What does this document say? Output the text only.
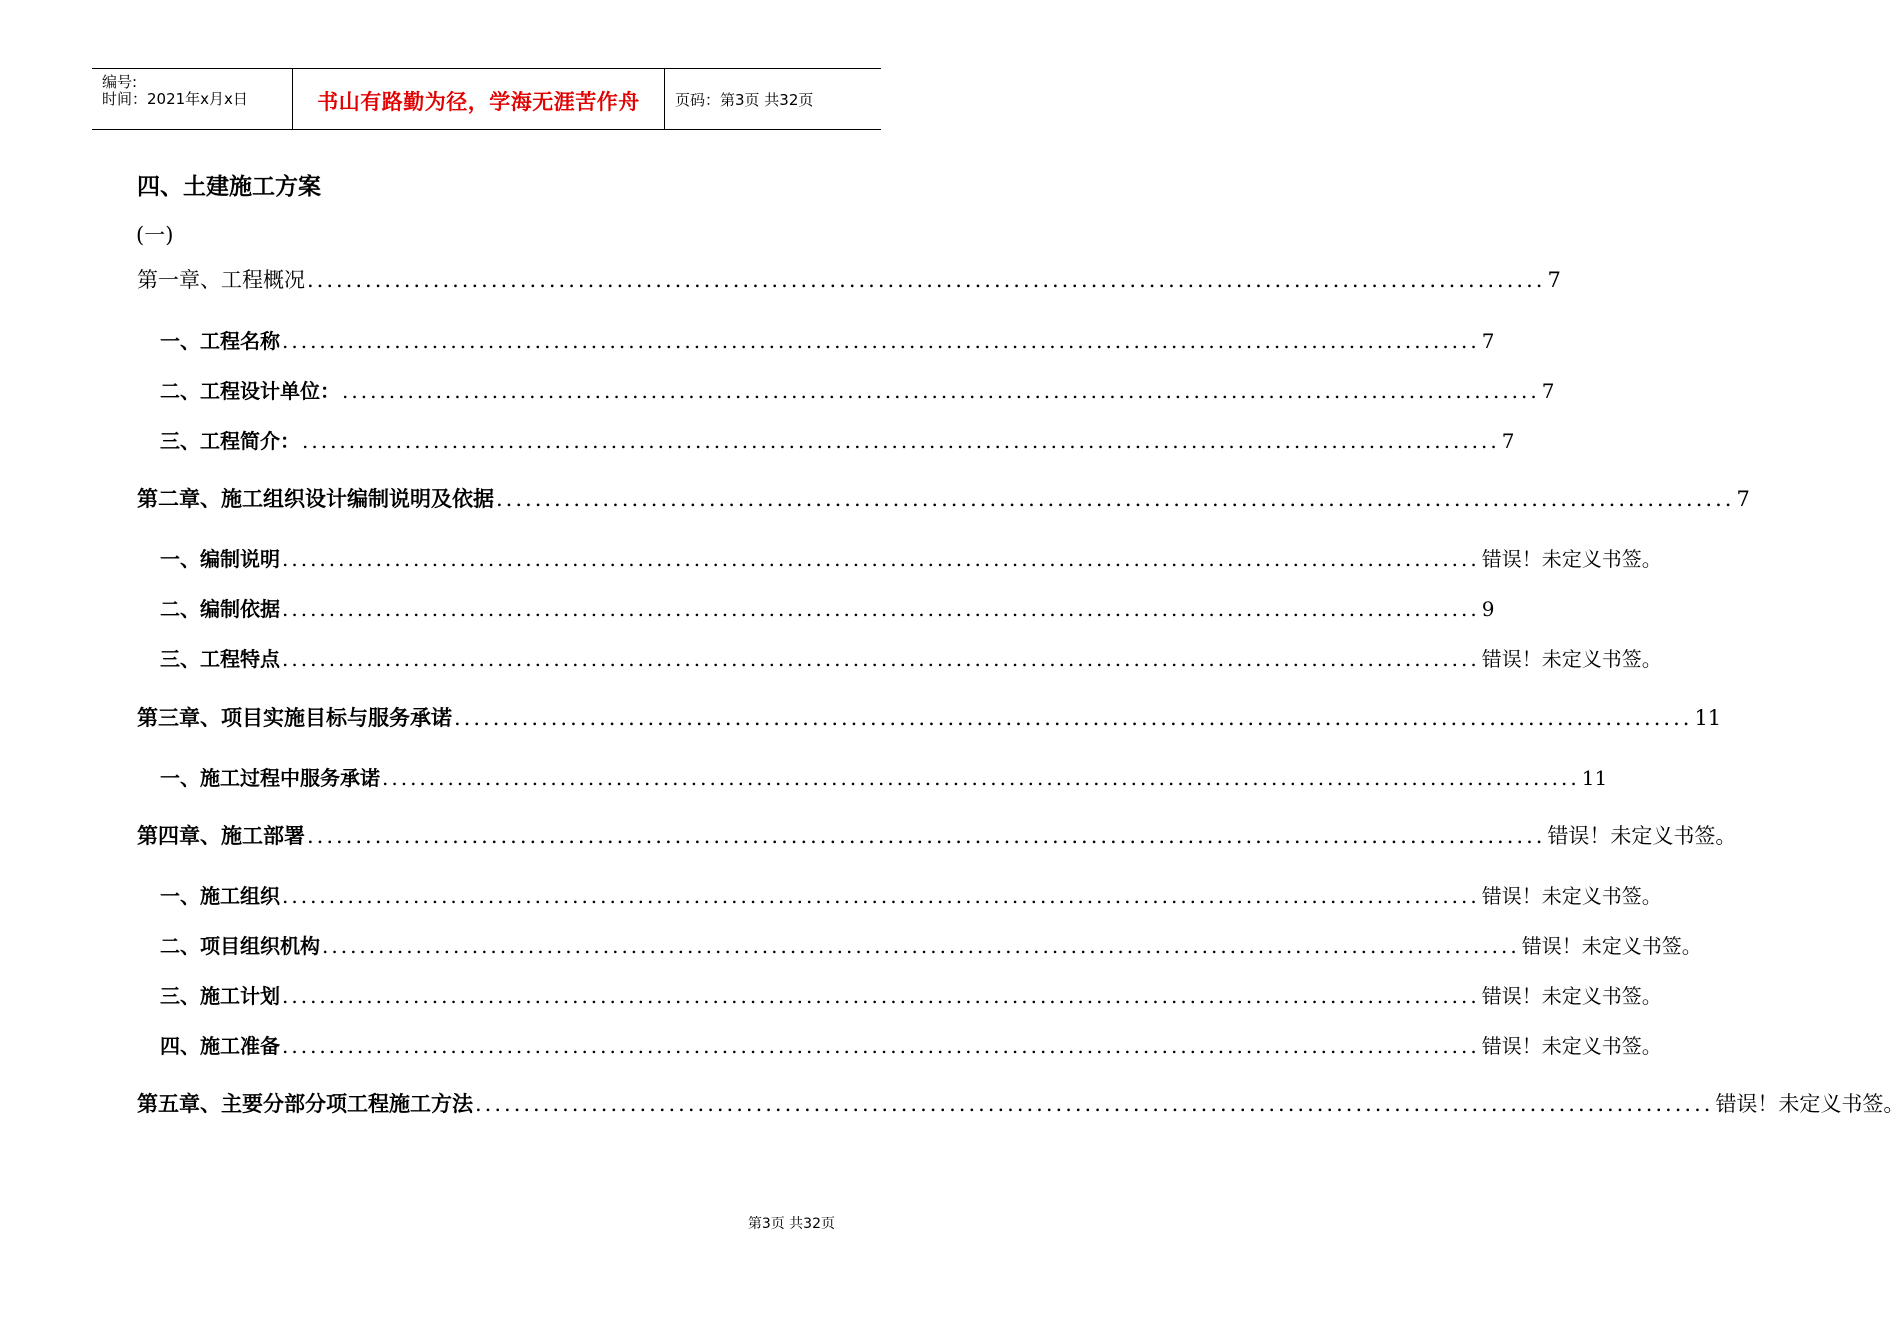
编号:
时间：2021年x月x日	书山有路勤为径，学海无涯苦作舟	页码：第3页 共32页
四、土建施工方案
(一)
第一章、工程概况 ................................................................................................................................ 7
一、工程名称 ................................................................................................................................ 7
二、工程设计单位： ................................................................................................................................ 7
三、工程简介： ................................................................................................................................ 7
第二章、施工组织设计编制说明及依据 ................................................................................................................................ 7
一、编制说明 ................................................................................................................................ 错误！未定义书签。
二、编制依据 ................................................................................................................................ 9
三、工程特点 ................................................................................................................................ 错误！未定义书签。
第三章、项目实施目标与服务承诺 ................................................................................................................................ 11
一、施工过程中服务承诺 ................................................................................................................................ 11
第四章、施工部署 ................................................................................................................................ 错误！未定义书签。
一、施工组织 ................................................................................................................................ 错误！未定义书签。
二、项目组织机构 ................................................................................................................................ 错误！未定义书签。
三、施工计划 ................................................................................................................................ 错误！未定义书签。
四、施工准备 ................................................................................................................................ 错误！未定义书签。
第五章、主要分部分项工程施工方法 ................................................................................................................................ 错误！未定义书签。
第3页 共32页
